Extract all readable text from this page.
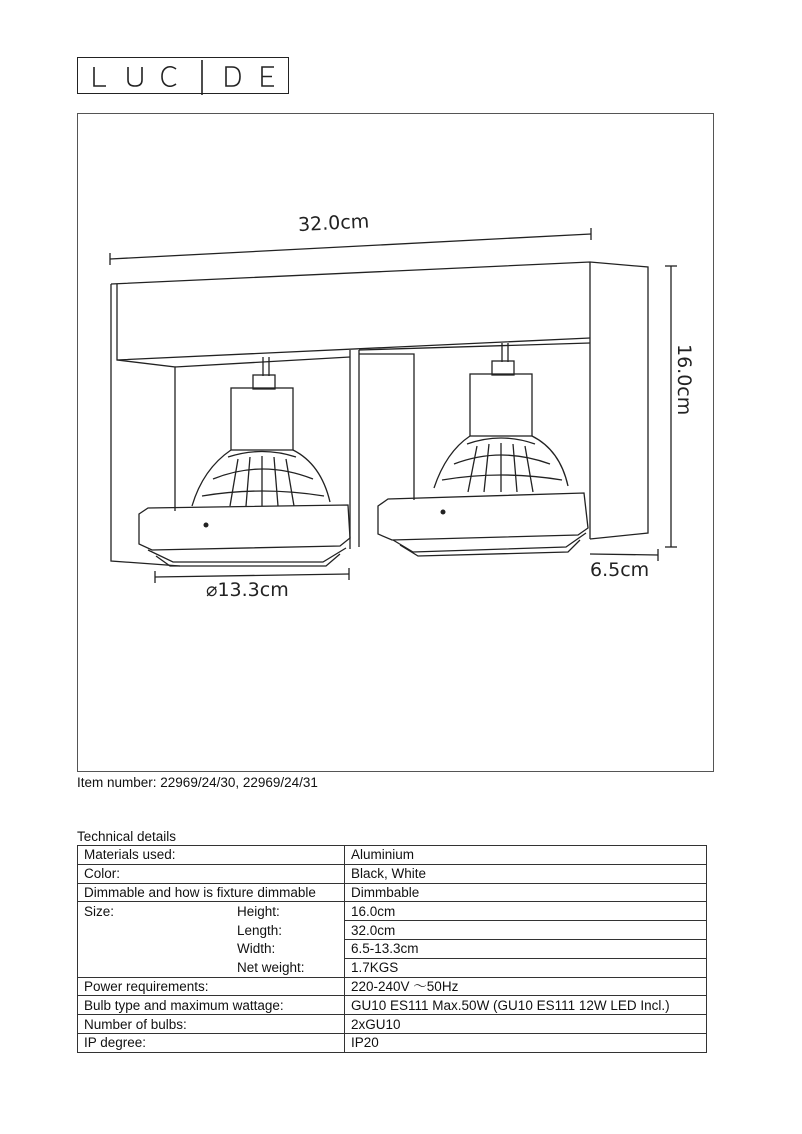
32.0cm
⌀13.3cm
6.5cm
16.0cm
Item number: 22969/24/30, 22969/24/31
Technical details
Materials used:	Aluminium
Color:	Black, White
Dimmable and how is fixture dimmable	Dimmbable

Size: Height:	16.0cm
Length:	32.0cm
Width:	6.5-13.3cm
Net weight:	1.7KGS
Power requirements:	220-240V ～50Hz
Bulb type and maximum wattage:	GU10 ES111 Max.50W (GU10 ES111 12W LED Incl.)
Number of bulbs:	2xGU10
IP degree:	IP20
